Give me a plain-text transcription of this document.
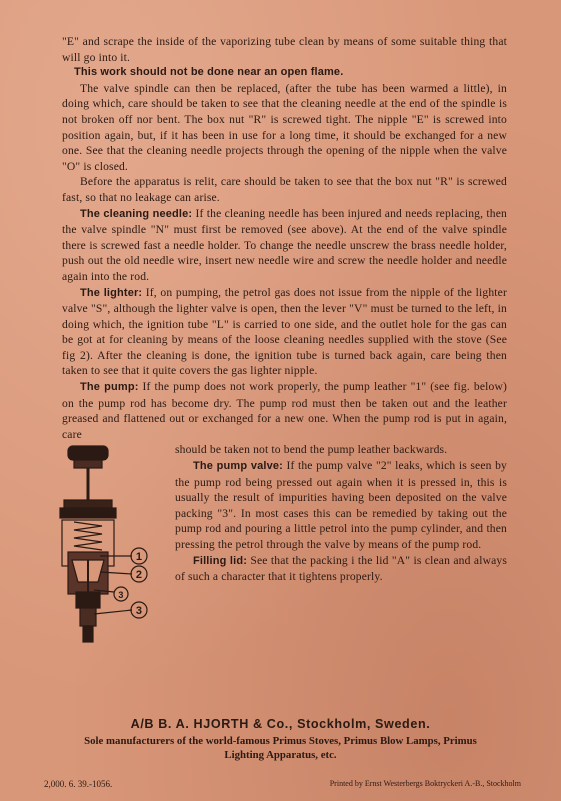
"E" and scrape the inside of the vaporizing tube clean by means of some suitable thing that will go into it.

This work should not be done near an open flame.

The valve spindle can then be replaced, (after the tube has been warmed a little), in doing which, care should be taken to see that the cleaning needle at the end of the spindle is not broken off nor bent. The box nut "R" is screwed tight. The nipple "E" is screwed into position again, but, if it has been in use for a long time, it should be exchanged for a new one. See that the cleaning needle projects through the opening of the nipple when the valve "O" is closed.

Before the apparatus is relit, care should be taken to see that the box nut "R" is screwed fast, so that no leakage can arise.

The cleaning needle: If the cleaning needle has been injured and needs replacing, then the valve spindle "N" must first be removed (see above). At the end of the valve spindle there is screwed fast a needle holder. To change the needle unscrew the brass needle holder, push out the old needle wire, insert new needle wire and screw the needle holder and needle again into the rod.

The lighter: If, on pumping, the petrol gas does not issue from the nipple of the lighter valve "S", although the lighter valve is open, then the lever "V" must be turned to the left, in doing which, the ignition tube "L" is carried to one side, and the outlet hole for the gas can be got at for cleaning by means of the loose cleaning needles supplied with the stove (See fig 2). After the cleaning is done, the ignition tube is turned back again, care being then taken to see that it quite covers the gas lighter nipple.

The pump: If the pump does not work properly, the pump leather "1" (see fig. below) on the pump rod has become dry. The pump rod must then be taken out and the leather greased and flattened out or exchanged for a new one. When the pump rod is put in again, care

1
2
3
3

should be taken not to bend the pump leather backwards.

The pump valve: If the pump valve "2" leaks, which is seen by the pump rod being pressed out again when it is pressed in, this is usually the result of impurities having been deposited on the valve packing "3". In most cases this can be remedied by taking out the pump rod and pouring a little petrol into the pump cylinder, and then pressing the petrol through the valve by means of the pump rod.

Filling lid: See that the packing i the lid "A" is clean and always of such a character that it tightens properly.

A/B B. A. HJORTH & Co., Stockholm, Sweden.
Sole manufacturers of the world-famous Primus Stoves, Primus Blow Lamps, Primus
Lighting Apparatus, etc.
2,000. 6. 39.-1056.	Printed by Ernst Westerbergs Boktryckeri A.-B., Stockholm
